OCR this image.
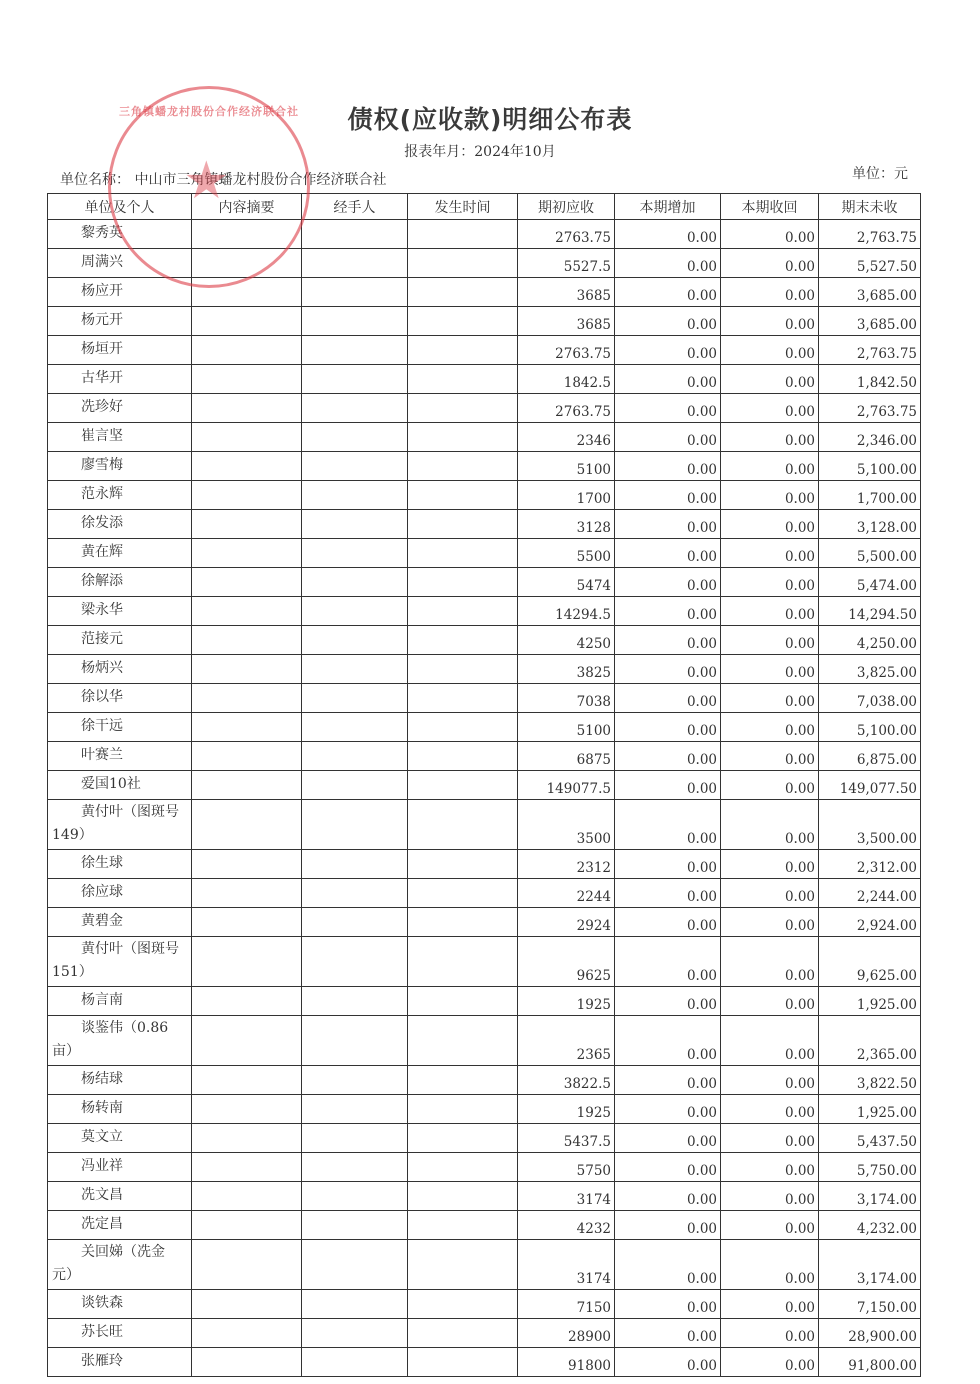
债权(应收款)明细公布表
报表年月：2024年10月
单位名称： 中山市三角镇蟠龙村股份合作经济联合社	单位：元
单位及个人	内容摘要	经手人	发生时间	期初应收	本期增加	本期收回	期末未收
黎秀英				2763.75	0.00	0.00	2,763.75
周满兴				5527.5	0.00	0.00	5,527.50
杨应开				3685	0.00	0.00	3,685.00
杨元开				3685	0.00	0.00	3,685.00
杨垣开				2763.75	0.00	0.00	2,763.75
古华开				1842.5	0.00	0.00	1,842.50
冼珍好				2763.75	0.00	0.00	2,763.75
崔言坚				2346	0.00	0.00	2,346.00
廖雪梅				5100	0.00	0.00	5,100.00
范永辉				1700	0.00	0.00	1,700.00
徐发添				3128	0.00	0.00	3,128.00
黄在辉				5500	0.00	0.00	5,500.00
徐解添				5474	0.00	0.00	5,474.00
梁永华				14294.5	0.00	0.00	14,294.50
范接元				4250	0.00	0.00	4,250.00
杨炳兴				3825	0.00	0.00	3,825.00
徐以华				7038	0.00	0.00	7,038.00
徐干远				5100	0.00	0.00	5,100.00
叶赛兰				6875	0.00	0.00	6,875.00
爱国10社				149077.5	0.00	0.00	149,077.50
黄付叶（图斑号
149）				3500	0.00	0.00	3,500.00
徐生球				2312	0.00	0.00	2,312.00
徐应球				2244	0.00	0.00	2,244.00
黄碧金				2924	0.00	0.00	2,924.00
黄付叶（图斑号
151）				9625	0.00	0.00	9,625.00
杨言南				1925	0.00	0.00	1,925.00
谈鉴伟（0.86
亩）				2365	0.00	0.00	2,365.00
杨结球				3822.5	0.00	0.00	3,822.50
杨转南				1925	0.00	0.00	1,925.00
莫文立				5437.5	0.00	0.00	5,437.50
冯业祥				5750	0.00	0.00	5,750.00
冼文昌				3174	0.00	0.00	3,174.00
冼定昌				4232	0.00	0.00	4,232.00
关回娣（冼金
元）				3174	0.00	0.00	3,174.00
谈铁森				7150	0.00	0.00	7,150.00
苏长旺				28900	0.00	0.00	28,900.00
张雁玲				91800	0.00	0.00	91,800.00
三角镇蟠龙村股份合作经济联合社
★
